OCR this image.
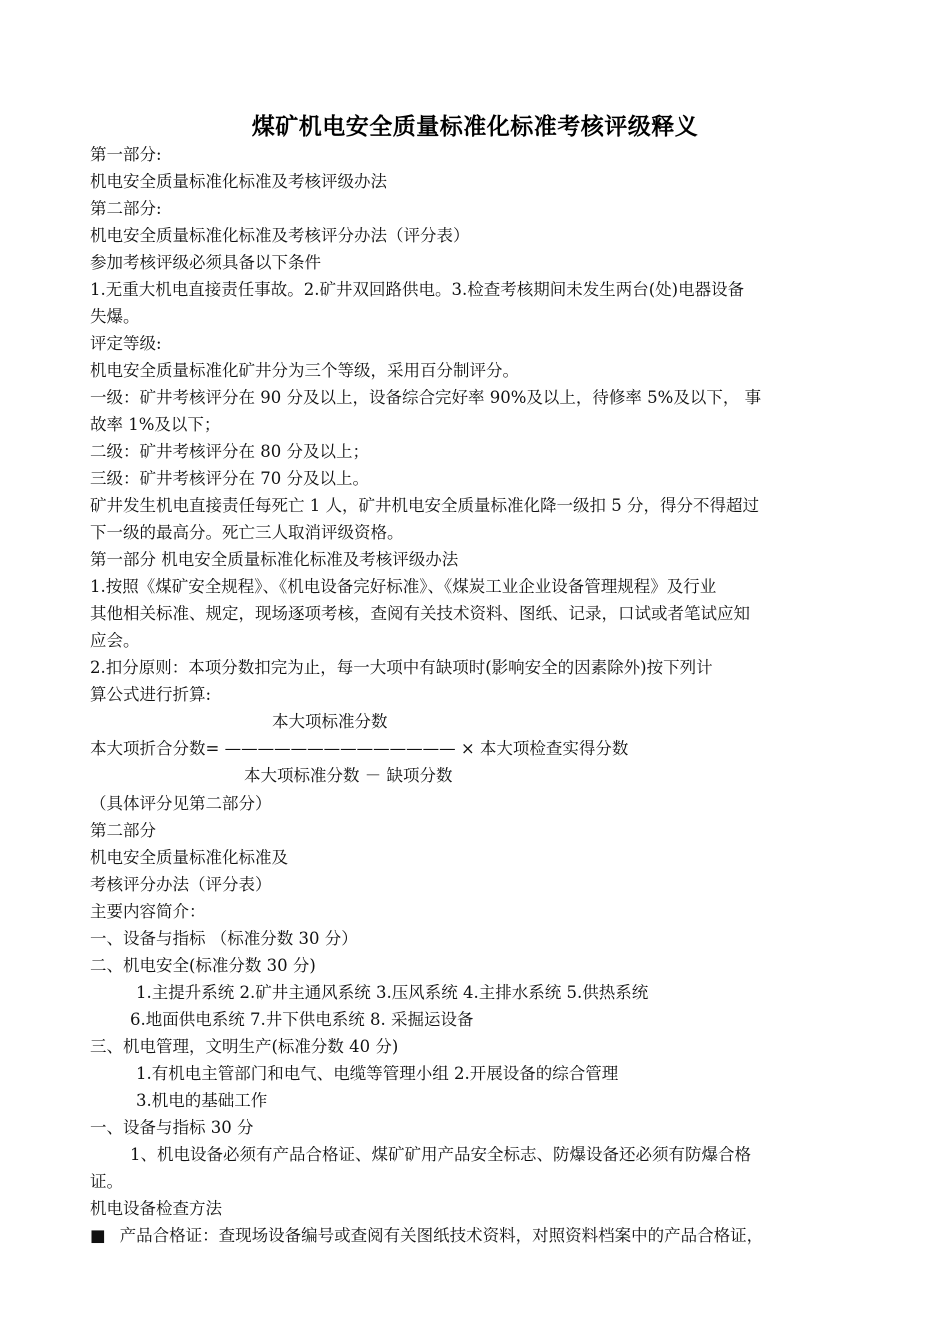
煤矿机电安全质量标准化标准考核评级释义
第一部分:
机电安全质量标准化标准及考核评级办法
第二部分:
机电安全质量标准化标准及考核评分办法（评分表）
参加考核评级必须具备以下条件
1.无重大机电直接责任事故。2.矿井双回路供电。3.检查考核期间未发生两台(处)电器设备
失爆。
评定等级:
机电安全质量标准化矿井分为三个等级，采用百分制评分。
一级：矿井考核评分在 90 分及以上，设备综合完好率 90%及以上，待修率 5%及以下， 事
故率 1%及以下；
二级：矿井考核评分在 80 分及以上；
三级：矿井考核评分在 70 分及以上。
矿井发生机电直接责任每死亡 1 人，矿井机电安全质量标准化降一级扣 5 分，得分不得超过
下一级的最高分。死亡三人取消评级资格。
第一部分 机电安全质量标准化标准及考核评级办法
1.按照《煤矿安全规程》、《机电设备完好标准》、《煤炭工业企业设备管理规程》及行业
其他相关标准、规定，现场逐项考核，查阅有关技术资料、图纸、记录，口试或者笔试应知
应会。
2.扣分原则：本项分数扣完为止，每一大项中有缺项时(影响安全的因素除外)按下列计
算公式进行折算:
本大项标准分数
本大项折合分数= —————————————— × 本大项检查实得分数
本大项标准分数 － 缺项分数
（具体评分见第二部分）
第二部分
机电安全质量标准化标准及
考核评分办法（评分表）
主要内容简介：
一、设备与指标 （标准分数 30 分）
二、机电安全(标准分数 30 分)
1.主提升系统 2.矿井主通风系统 3.压风系统 4.主排水系统 5.供热系统
6.地面供电系统 7.井下供电系统 8. 采掘运设备
三、机电管理，文明生产(标准分数 40 分)
1.有机电主管部门和电气、电缆等管理小组 2.开展设备的综合管理
3.机电的基础工作
一、设备与指标 30 分
1、机电设备必须有产品合格证、煤矿矿用产品安全标志、防爆设备还必须有防爆合格
证。
机电设备检查方法
■ 产品合格证：查现场设备编号或查阅有关图纸技术资料，对照资料档案中的产品合格证，
